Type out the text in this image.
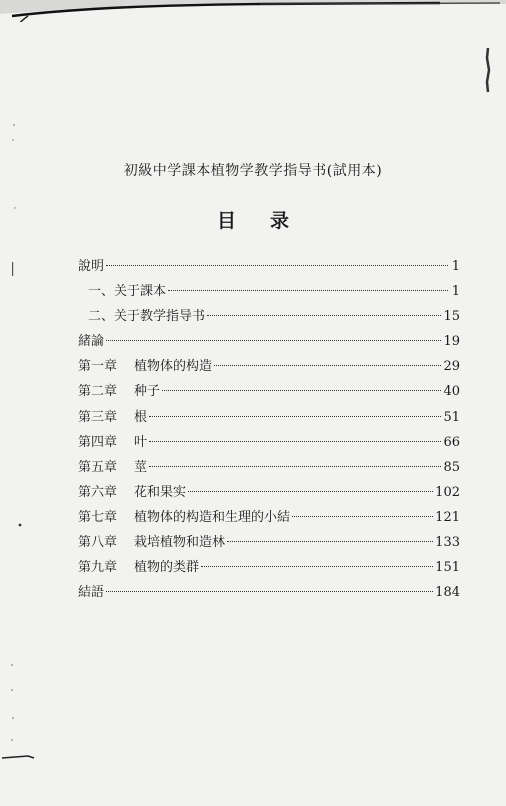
初級中学課本植物学教学指导书(試用本)
目 录
說明	1
一、关于課本	1
二、关于教学指导书	15
緒論	19
第一章	植物体的构造	29
第二章	种子	40
第三章	根	51
第四章	叶	66
第五章	莖	85
第六章	花和果实	102
第七章	植物体的构造和生理的小結	121
第八章	栽培植物和造林	133
第九章	植物的类群	151
結語	184
